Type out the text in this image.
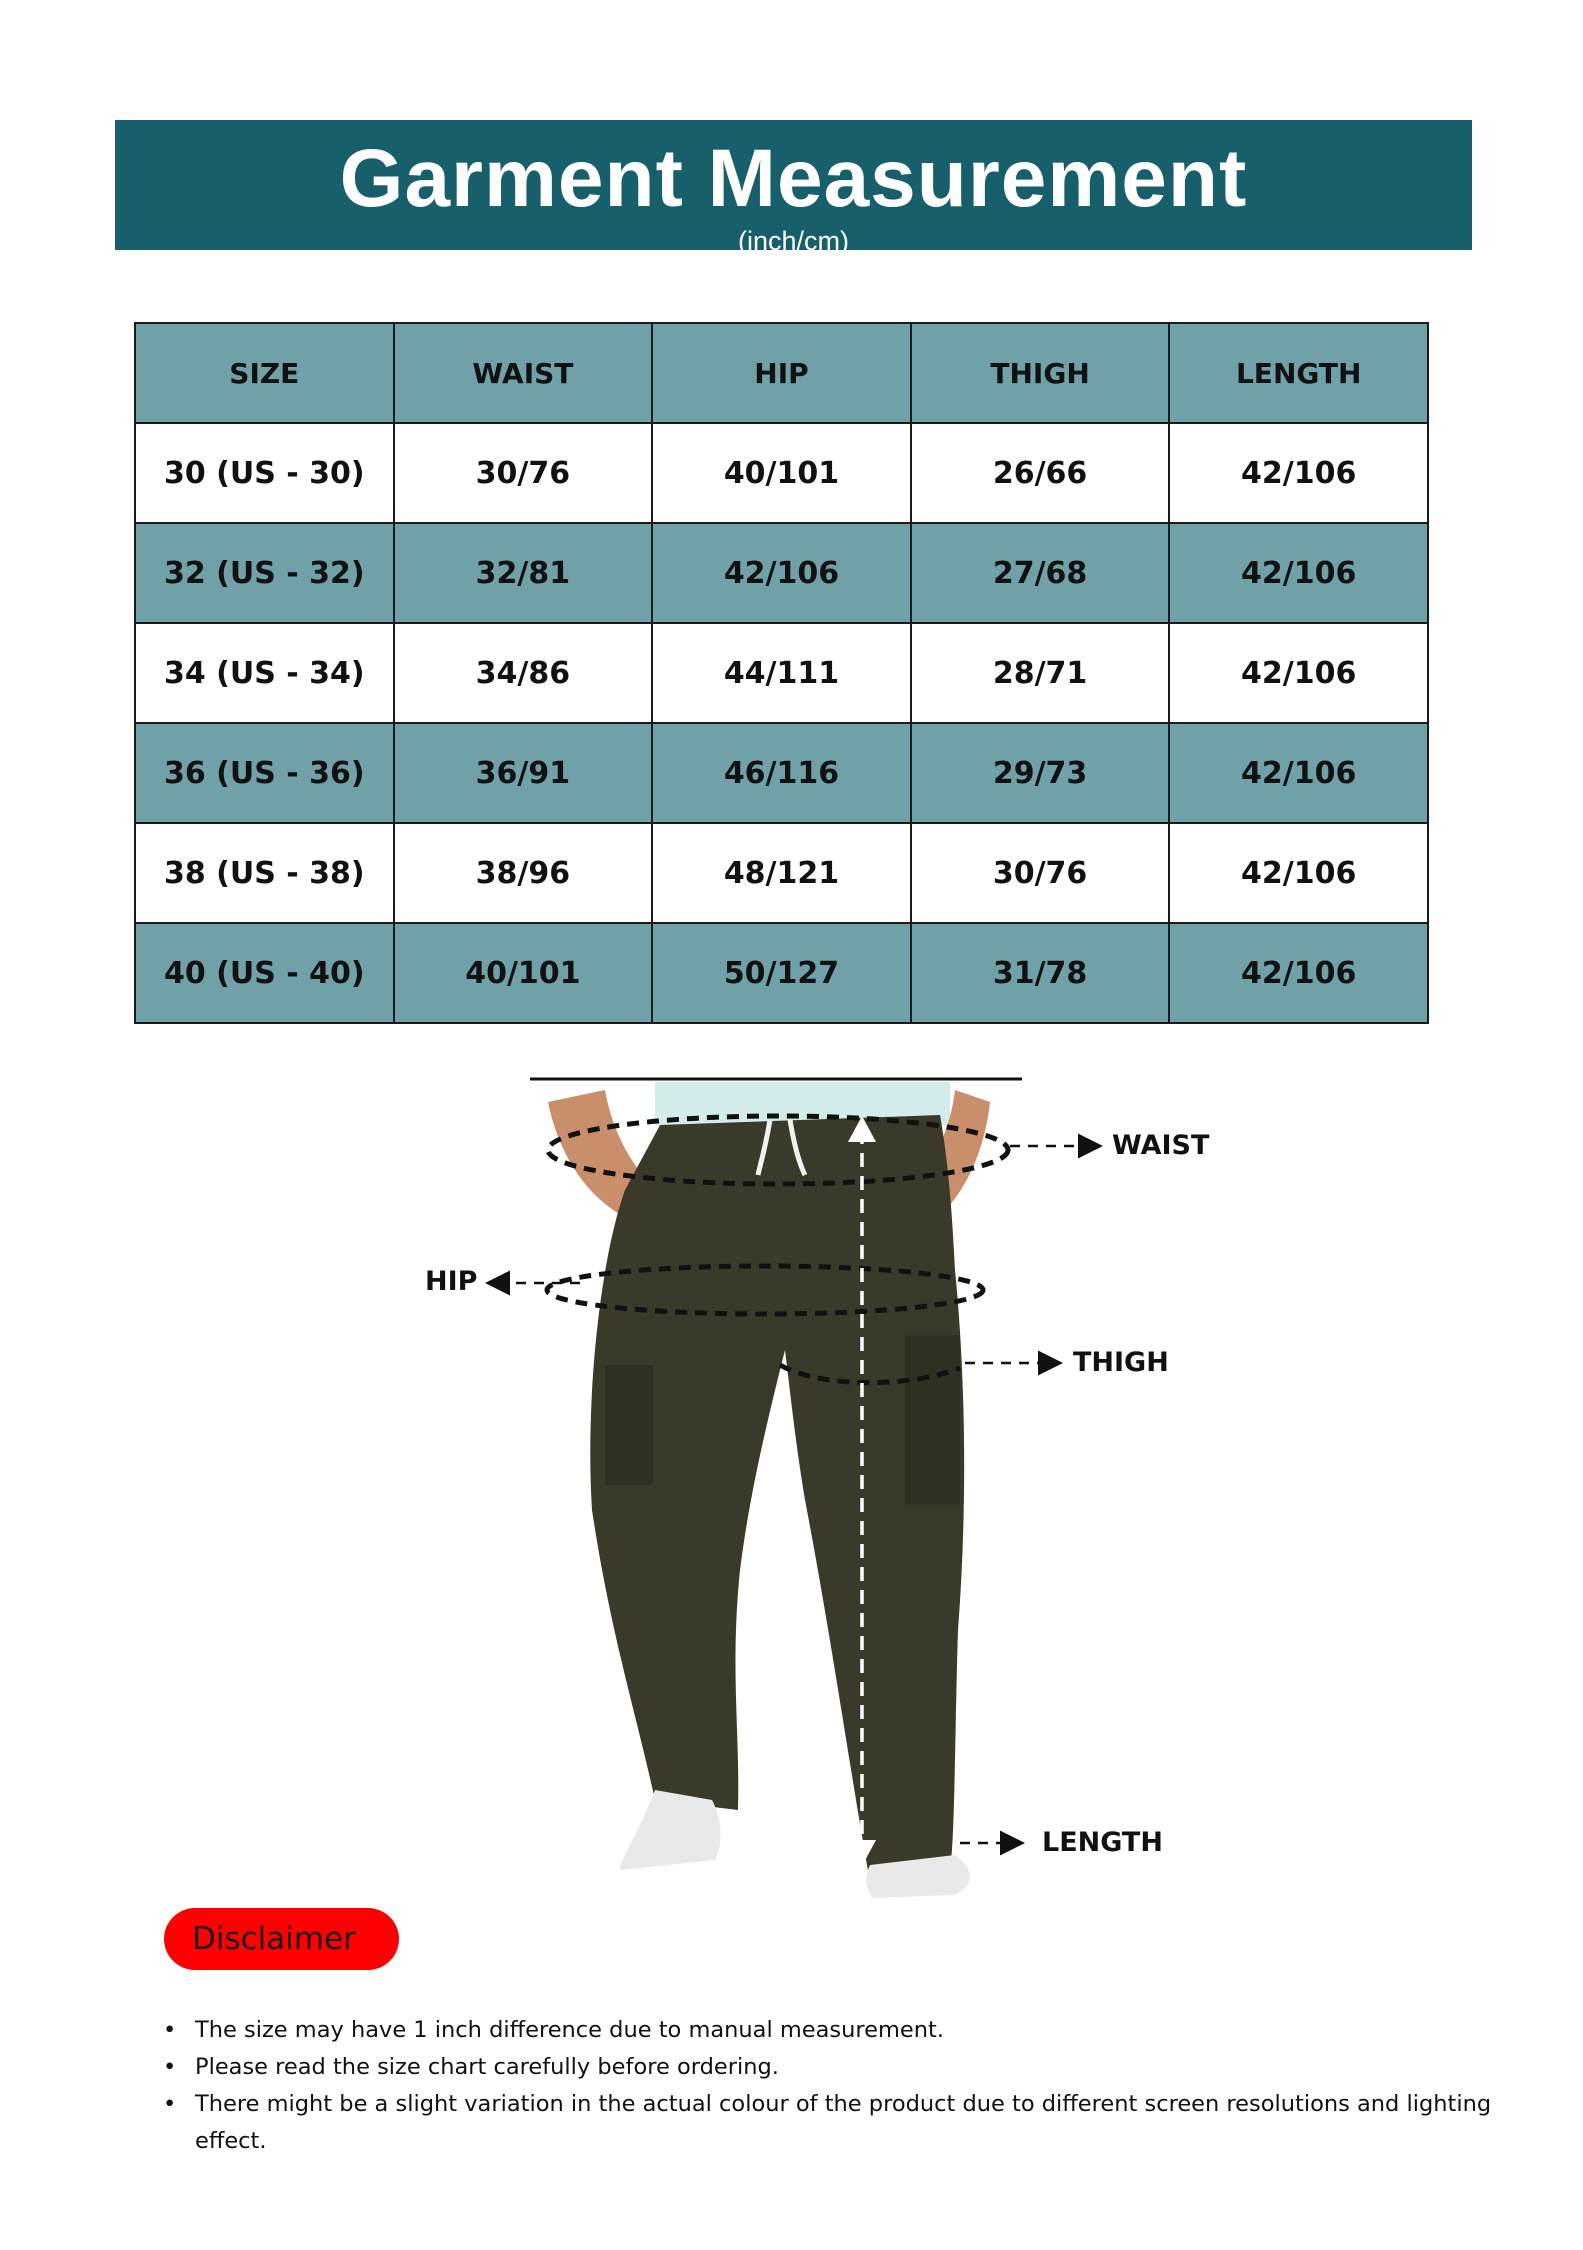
Garment Measurement
(inch/cm)
SIZE	WAIST	HIP	THIGH	LENGTH
30 (US - 30)	30/76	40/101	26/66	42/106
32 (US - 32)	32/81	42/106	27/68	42/106
34 (US - 34)	34/86	44/111	28/71	42/106
36 (US - 36)	36/91	46/116	29/73	42/106
38 (US - 38)	38/96	48/121	30/76	42/106
40 (US - 40)	40/101	50/127	31/78	42/106
WAIST
HIP
THIGH
LENGTH
Disclaimer
• The size may have 1 inch difference due to manual measurement.
• Please read the size chart carefully before ordering.
• There might be a slight variation in the actual colour of the product due to different screen resolutions and lighting effect.
